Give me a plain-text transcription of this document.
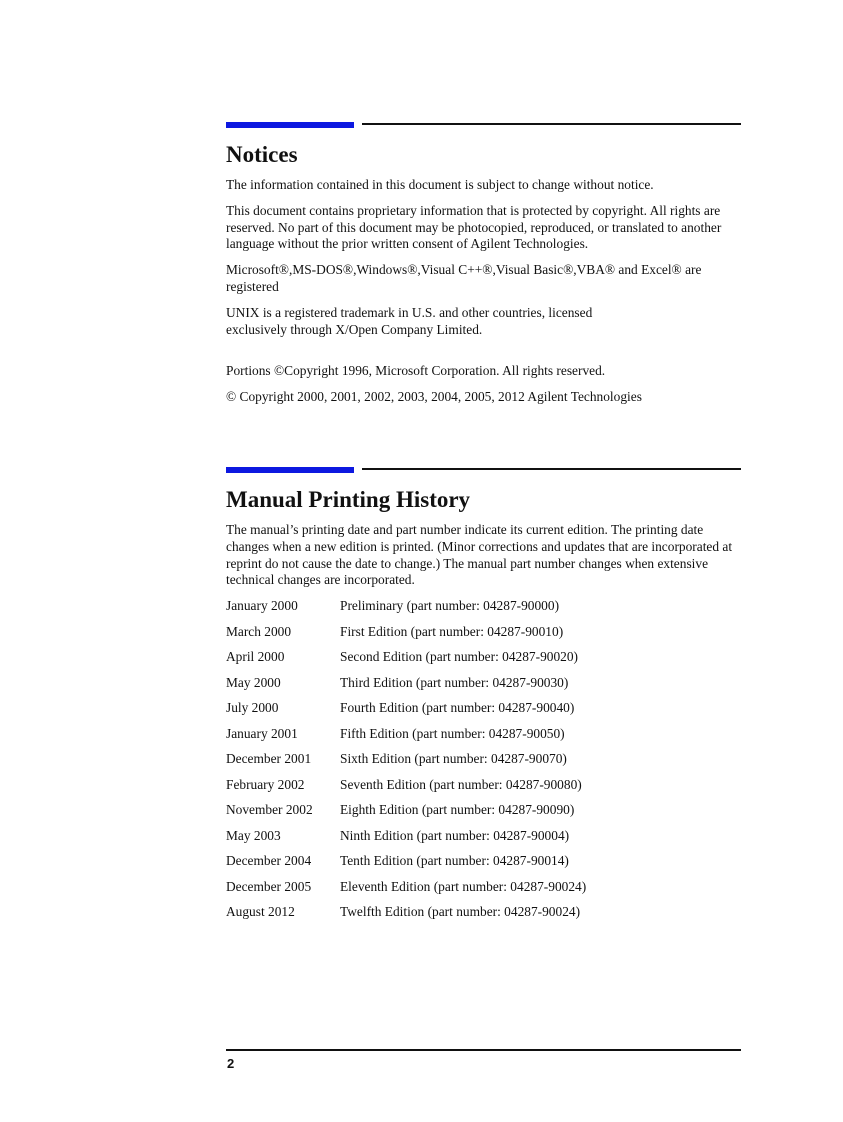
Notices

The information contained in this document is subject to change without notice.

This document contains proprietary information that is protected by copyright. All rights are reserved. No part of this document may be photocopied, reproduced, or translated to another language without the prior written consent of Agilent Technologies.

Microsoft®,MS-DOS®,Windows®,Visual C++®,Visual Basic®,VBA® and Excel® are registered

UNIX is a registered trademark in U.S. and other countries, licensed exclusively through X/Open Company Limited.

Portions ©Copyright 1996, Microsoft Corporation. All rights reserved.

© Copyright 2000, 2001, 2002, 2003, 2004, 2005, 2012 Agilent Technologies

Manual Printing History

The manual’s printing date and part number indicate its current edition. The printing date changes when a new edition is printed. (Minor corrections and updates that are incorporated at reprint do not cause the date to change.) The manual part number changes when extensive technical changes are incorporated.

January 2000	Preliminary (part number: 04287-90000)
March 2000	First Edition (part number: 04287-90010)
April 2000	Second Edition (part number: 04287-90020)
May 2000	Third Edition (part number: 04287-90030)
July 2000	Fourth Edition (part number: 04287-90040)
January 2001	Fifth Edition (part number: 04287-90050)
December 2001	Sixth Edition (part number: 04287-90070)
February 2002	Seventh Edition (part number: 04287-90080)
November 2002	Eighth Edition (part number: 04287-90090)
May 2003	Ninth Edition (part number: 04287-90004)
December 2004	Tenth Edition (part number: 04287-90014)
December 2005	Eleventh Edition (part number: 04287-90024)
August 2012	Twelfth Edition (part number: 04287-90024)
2
